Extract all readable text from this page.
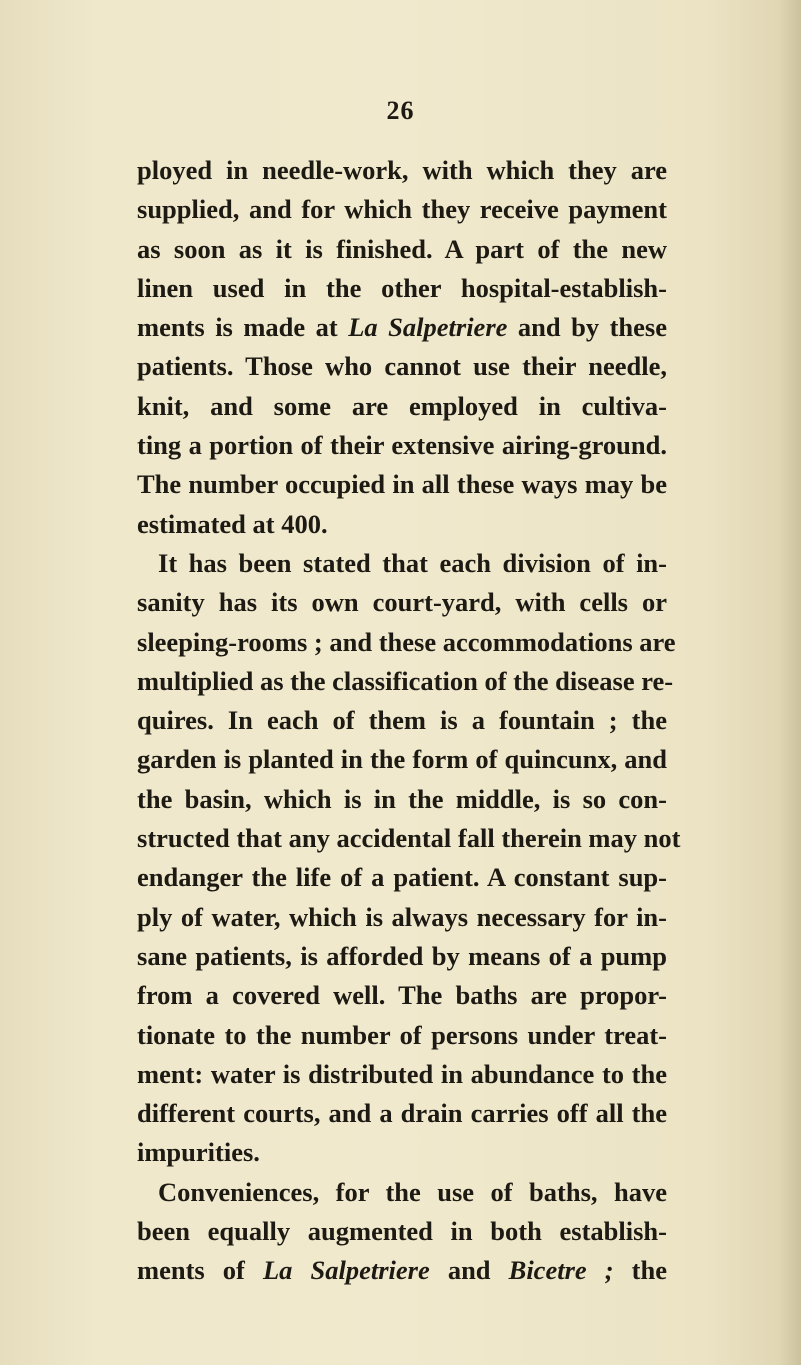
26
ployed in needle-work, with which they are
supplied, and for which they receive payment
as soon as it is finished. A part of the new
linen used in the other hospital-establish-
ments is made at La Salpetriere and by these
patients. Those who cannot use their needle,
knit, and some are employed in cultiva-
ting a portion of their extensive airing-ground.
The number occupied in all these ways may be
estimated at 400.
It has been stated that each division of in-
sanity has its own court-yard, with cells or
sleeping-rooms ; and these accommodations are
multiplied as the classification of the disease re-
quires. In each of them is a fountain ; the
garden is planted in the form of quincunx, and
the basin, which is in the middle, is so con-
structed that any accidental fall therein may not
endanger the life of a patient. A constant sup-
ply of water, which is always necessary for in-
sane patients, is afforded by means of a pump
from a covered well. The baths are propor-
tionate to the number of persons under treat-
ment: water is distributed in abundance to the
different courts, and a drain carries off all the
impurities.
Conveniences, for the use of baths, have
been equally augmented in both establish-
ments of La Salpetriere and Bicetre ; the
